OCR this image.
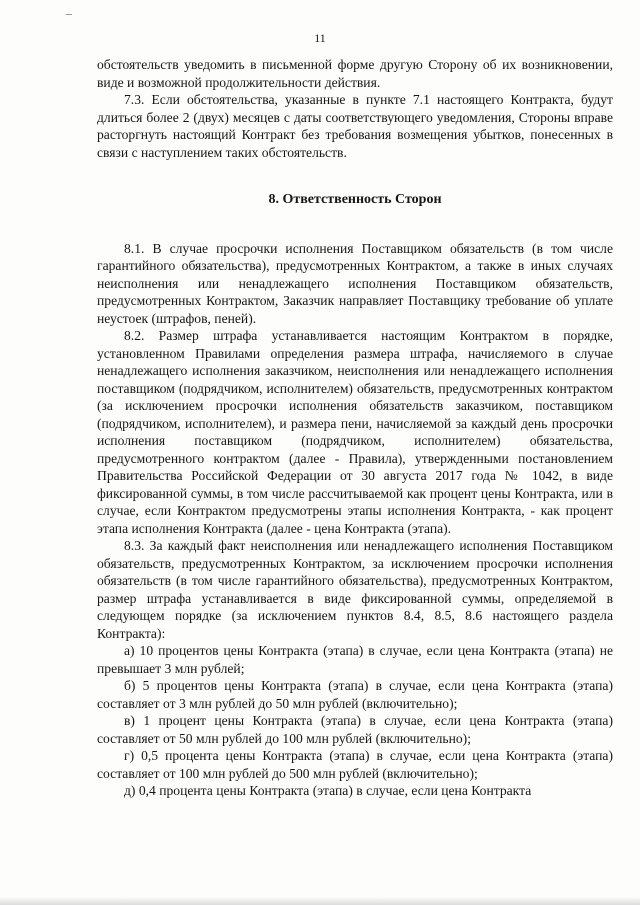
11

обстоятельств уведомить в письменной форме другую Сторону об их возникновении, виде и возможной продолжительности действия.

7.3. Если обстоятельства, указанные в пункте 7.1 настоящего Контракта, будут длиться более 2 (двух) месяцев с даты соответствующего уведомления, Стороны вправе расторгнуть настоящий Контракт без требования возмещения убытков, понесенных в связи с наступлением таких обстоятельств.

8. Ответственность Сторон

8.1. В случае просрочки исполнения Поставщиком обязательств (в том числе гарантийного обязательства), предусмотренных Контрактом, а также в иных случаях неисполнения или ненадлежащего исполнения Поставщиком обязательств, предусмотренных Контрактом, Заказчик направляет Поставщику требование об уплате неустоек (штрафов, пеней).

8.2. Размер штрафа устанавливается настоящим Контрактом в порядке, установленном Правилами определения размера штрафа, начисляемого в случае ненадлежащего исполнения заказчиком, неисполнения или ненадлежащего исполнения поставщиком (подрядчиком, исполнителем) обязательств, предусмотренных контрактом (за исключением просрочки исполнения обязательств заказчиком, поставщиком (подрядчиком, исполнителем), и размера пени, начисляемой за каждый день просрочки исполнения поставщиком (подрядчиком, исполнителем) обязательства, предусмотренного контрактом (далее - Правила), утвержденными постановлением Правительства Российской Федерации от 30 августа 2017 года № 1042, в виде фиксированной суммы, в том числе рассчитываемой как процент цены Контракта, или в случае, если Контрактом предусмотрены этапы исполнения Контракта, - как процент этапа исполнения Контракта (далее - цена Контракта (этапа).

8.3. За каждый факт неисполнения или ненадлежащего исполнения Поставщиком обязательств, предусмотренных Контрактом, за исключением просрочки исполнения обязательств (в том числе гарантийного обязательства), предусмотренных Контрактом, размер штрафа устанавливается в виде фиксированной суммы, определяемой в следующем порядке (за исключением пунктов 8.4, 8.5, 8.6 настоящего раздела Контракта):

а) 10 процентов цены Контракта (этапа) в случае, если цена Контракта (этапа) не превышает 3 млн рублей;

б) 5 процентов цены Контракта (этапа) в случае, если цена Контракта (этапа) составляет от 3 млн рублей до 50 млн рублей (включительно);

в) 1 процент цены Контракта (этапа) в случае, если цена Контракта (этапа) составляет от 50 млн рублей до 100 млн рублей (включительно);

г) 0,5 процента цены Контракта (этапа) в случае, если цена Контракта (этапа) составляет от 100 млн рублей до 500 млн рублей (включительно);

д) 0,4 процента цены Контракта (этапа) в случае, если цена Контракта
